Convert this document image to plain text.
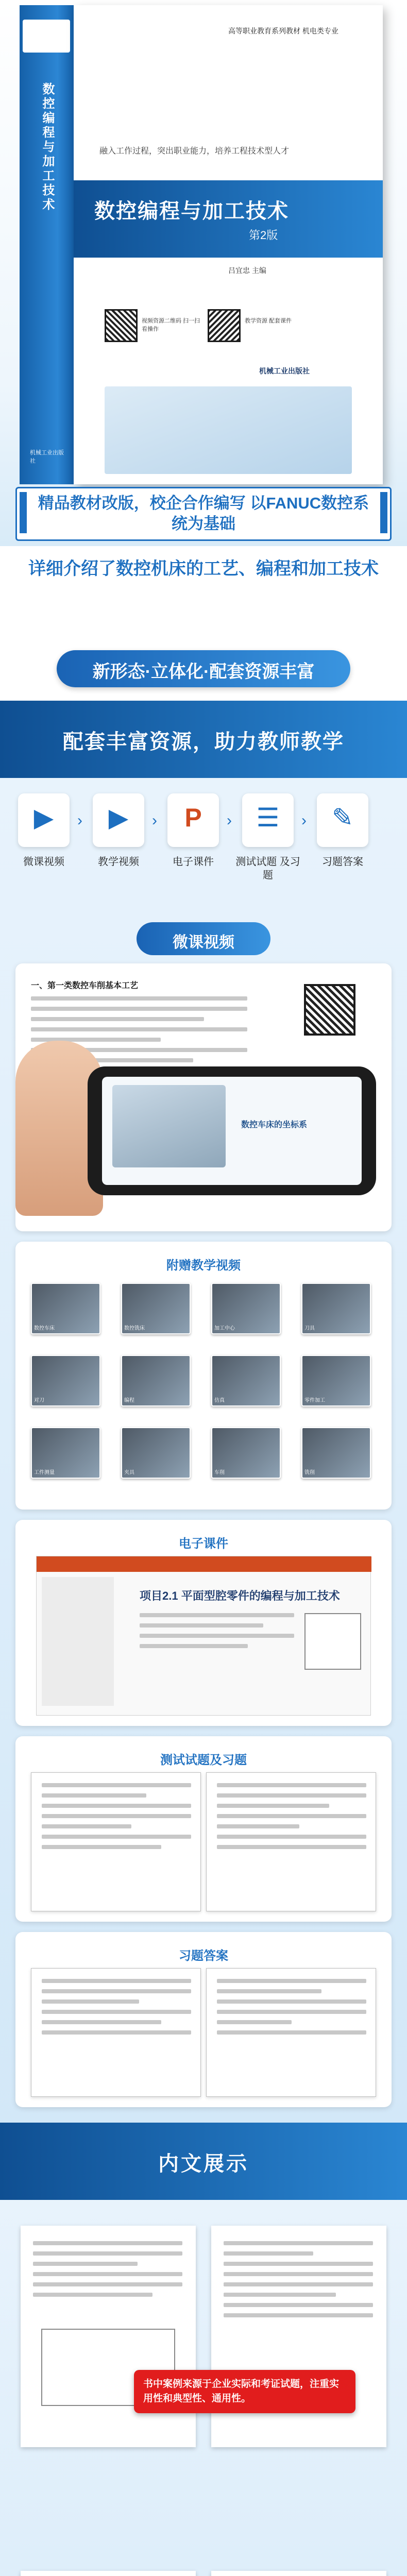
数控编程与加工技术
机械工业出版社
高等职业教育系列教材 机电类专业
融入工作过程，突出职业能力，培养工程技术型人才
数控编程与加工技术
第2版
吕宜忠 主编
视频资源二维码 扫一扫看操作
教学资源 配套课件
机械工业出版社
精品教材改版，校企合作编写 以FANUC数控系统为基础
详细介绍了数控机床的工艺、编程和加工技术
新形态·立体化·配套资源丰富
配套丰富资源，助力教师教学
▶
微课视频
›	▶
教学视频
›	P
电子课件
› ☰
测试试题 及习题
› ✎
习题答案
微课视频
一、第一类数控车削基本工艺
数控车床的坐标系
附赠教学视频
数控车床	数控铣床	加工中心	刀具
对刀	编程	仿真	零件加工
工件测量	夹具	车削	铣削
电子课件
项目2.1 平面型腔零件的编程与加工技术
测试试题及习题
习题答案
内文展示
书中案例来源于企业实际和考证试题，注重实用性和典型性、通用性。
